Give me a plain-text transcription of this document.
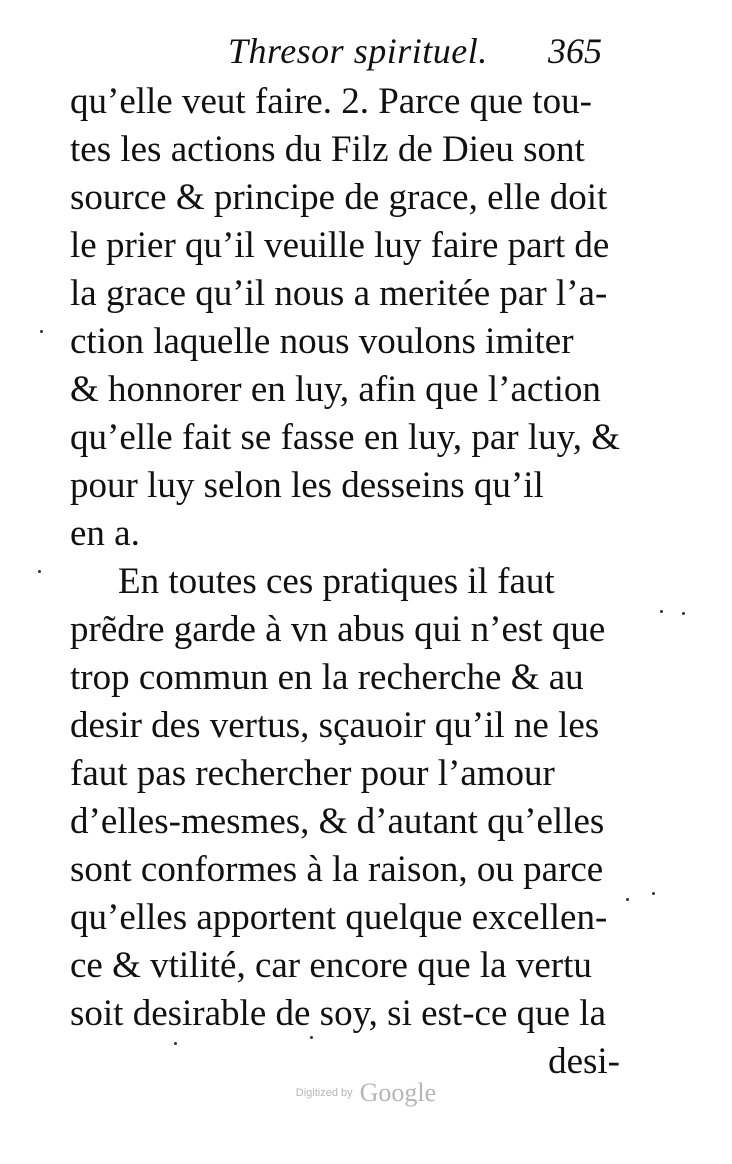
Thresor spirituel. 365
qu’elle veut faire. 2. Parce que tou-
tes les actions du Filz de Dieu sont
source & principe de grace, elle doit
le prier qu’il veuille luy faire part de
la grace qu’il nous a meritée par l’a-
ction laquelle nous voulons imiter
& honnorer en luy, afin que l’action
qu’elle fait se fasse en luy, par luy, &
pour luy selon les desseins qu’il
en a.
En toutes ces pratiques il faut
prẽdre garde à vn abus qui n’est que
trop commun en la recherche & au
desir des vertus, sçauoir qu’il ne les
faut pas rechercher pour l’amour
d’elles-mesmes, & d’autant qu’elles
sont conformes à la raison, ou parce
qu’elles apportent quelque excellen-
ce & vtilité, car encore que la vertu
soit desirable de soy, si est-ce que la
desi-
Digitized by Google
